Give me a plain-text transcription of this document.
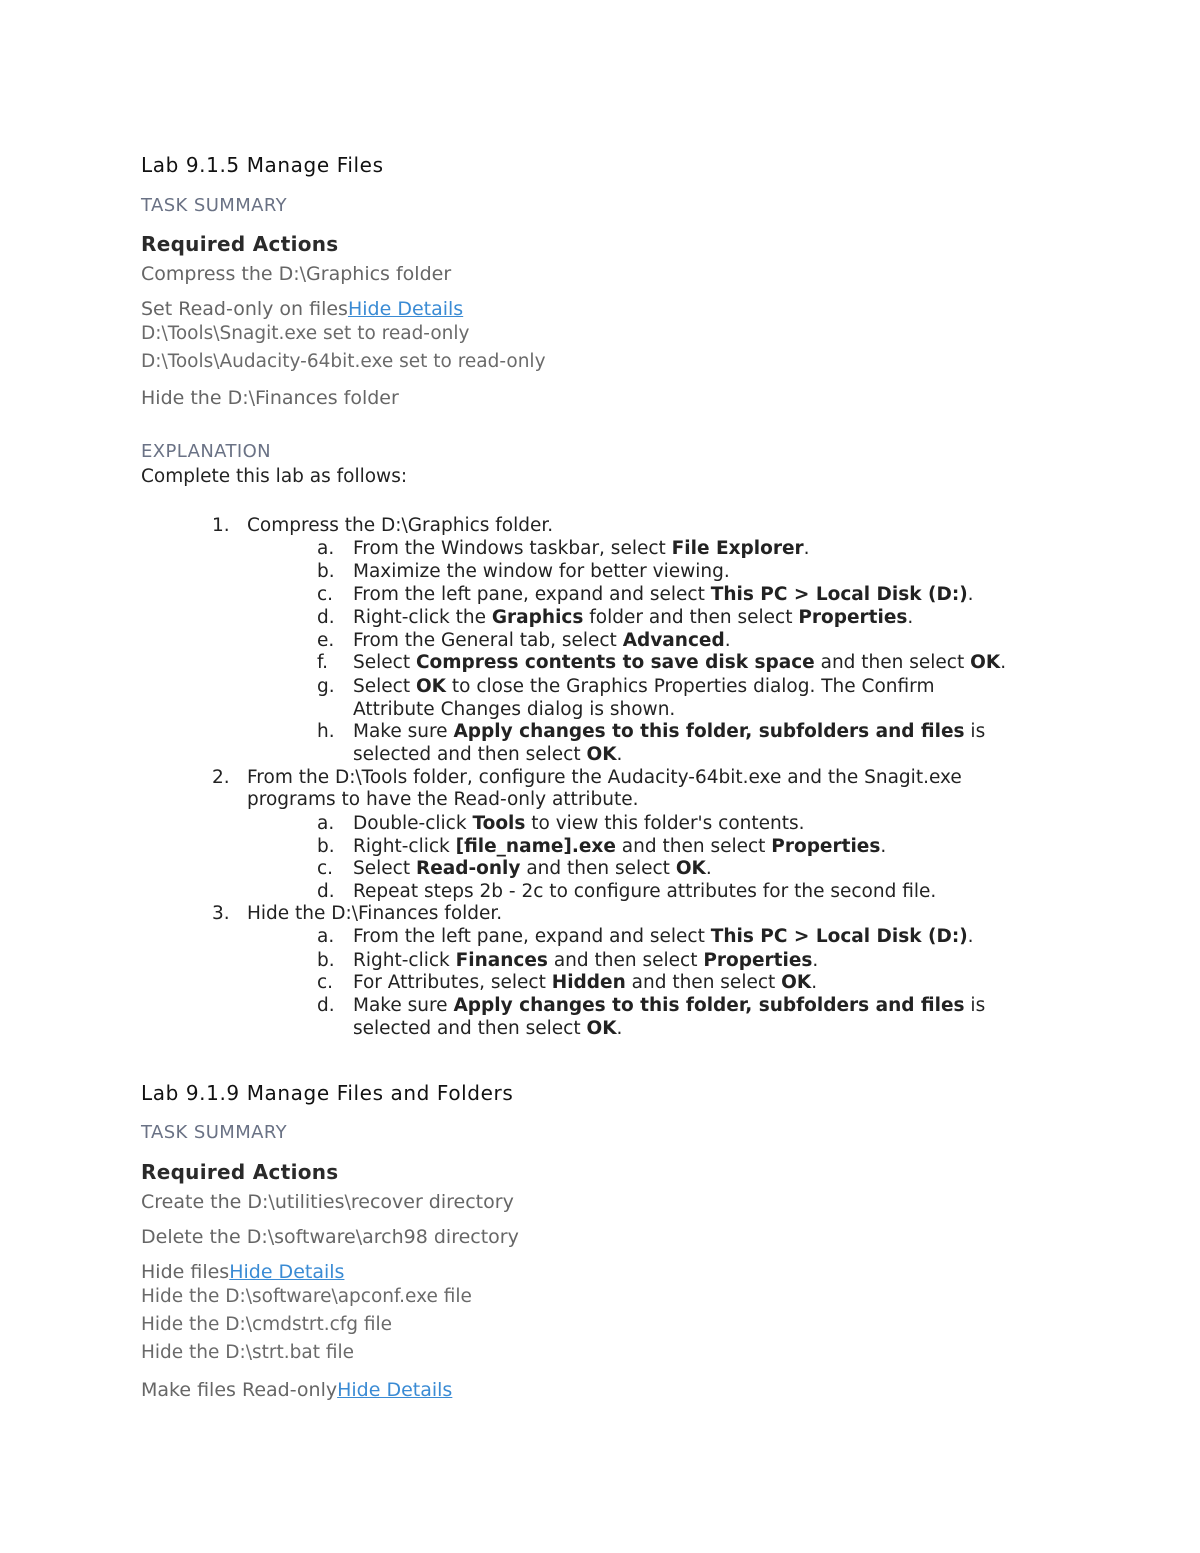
Lab 9.1.5 Manage Files
TASK SUMMARY
Required Actions
Compress the D:\Graphics folder
Set Read-only on filesHide Details
D:\Tools\Snagit.exe set to read-only
D:\Tools\Audacity-64bit.exe set to read-only
Hide the D:\Finances folder
EXPLANATION
Complete this lab as follows:
1. Compress the D:\Graphics folder.
a. From the Windows taskbar, select File Explorer.
b. Maximize the window for better viewing.
c. From the left pane, expand and select This PC > Local Disk (D:).
d. Right-click the Graphics folder and then select Properties.
e. From the General tab, select Advanced.
f. Select Compress contents to save disk space and then select OK.
g. Select OK to close the Graphics Properties dialog. The Confirm
Attribute Changes dialog is shown.
h. Make sure Apply changes to this folder, subfolders and files is
selected and then select OK.
2. From the D:\Tools folder, configure the Audacity-64bit.exe and the Snagit.exe
programs to have the Read-only attribute.
a. Double-click Tools to view this folder's contents.
b. Right-click [file_name].exe and then select Properties.
c. Select Read-only and then select OK.
d. Repeat steps 2b - 2c to configure attributes for the second file.
3. Hide the D:\Finances folder.
a. From the left pane, expand and select This PC > Local Disk (D:).
b. Right-click Finances and then select Properties.
c. For Attributes, select Hidden and then select OK.
d. Make sure Apply changes to this folder, subfolders and files is
selected and then select OK.
Lab 9.1.9 Manage Files and Folders
TASK SUMMARY
Required Actions
Create the D:\utilities\recover directory
Delete the D:\software\arch98 directory
Hide filesHide Details
Hide the D:\software\apconf.exe file
Hide the D:\cmdstrt.cfg file
Hide the D:\strt.bat file
Make files Read-onlyHide Details
